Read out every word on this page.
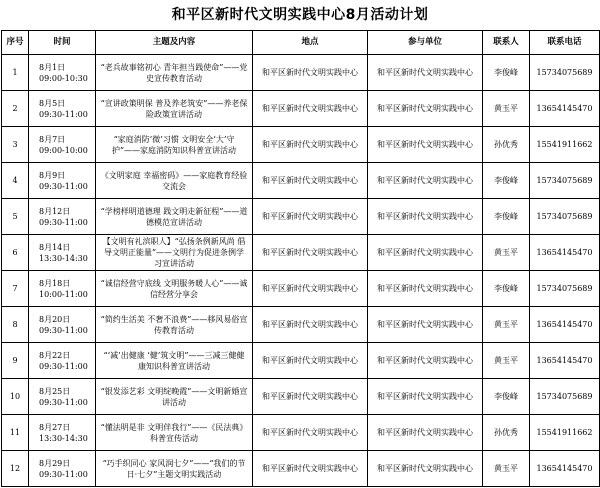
和平区新时代文明实践中心8月活动计划
序号	时间	主题及内容	地点	参与单位	联系人	联系电话
1	8月1日
09:00-10:30	“老兵故事铭初心 青年担当践使命”——党史宣传教育活动	和平区新时代文明实践中心	和平区新时代文明实践中心	李俊峰	15734075689
2	8月5日
09:30-11:00	“宣讲政策明保 普及养老筑安”——养老保险政策宣讲活动	和平区新时代文明实践中心	和平区新时代文明实践中心	黄玉平	13654145470
3	8月7日
09:00-10:00	“家庭消防‘微’习惯 文明安全‘大’守护”——家庭消防知识科普宣讲活动	和平区新时代文明实践中心	和平区新时代文明实践中心	孙优秀	15541911662
4	8月9日
09:30-11:00	《文明家庭 幸福密码》——家庭教育经验交流会	和平区新时代文明实践中心	和平区新时代文明实践中心	李俊峰	15734075689
5	8月12日
09:30-11:00	“学榜样明道德理 践文明走新征程”——道德模范宣讲活动	和平区新时代文明实践中心	和平区新时代文明实践中心	李俊峰	15734075689
6	8月14日
13:30-14:30	【文明有礼滨职人】“弘扬条例新风尚 倡导文明正能量”——文明行为促进条例学习宣讲活动	和平区新时代文明实践中心	和平区新时代文明实践中心	黄玉平	13654145470
7	8月18日
10:00-11:00	“诚信经营守底线 文明服务暖人心”——诚信经营分享会	和平区新时代文明实践中心	和平区新时代文明实践中心	李俊峰	15734075689
8	8月20日
09:30-11:00	“简约生活美 不奢不浪费”——移风易俗宣传教育活动	和平区新时代文明实践中心	和平区新时代文明实践中心	黄玉平	13654145470
9	8月22日
09:30-11:00	“‘减’出健康 ‘健’筑文明”——三减三健健康知识科普宣讲活动	和平区新时代文明实践中心	和平区新时代文明实践中心	黄玉平	13654145470
10	8月25日
09:30-11:00	“银发添艺彩 文明绽晚霞”——文明新婚宣讲活动	和平区新时代文明实践中心	和平区新时代文明实践中心	李俊峰	15734075689
11	8月27日
13:30-14:30	“懂法明是非 文明伴我行”——《民法典》科普宣传活动	和平区新时代文明实践中心	和平区新时代文明实践中心	孙优秀	15541911662
12	8月29日
09:30-11:00	“巧手织同心 家风润七夕”——“我们的节日·七夕”主题文明实践活动	和平区新时代文明实践中心	和平区新时代文明实践中心	黄玉平	13654145470
